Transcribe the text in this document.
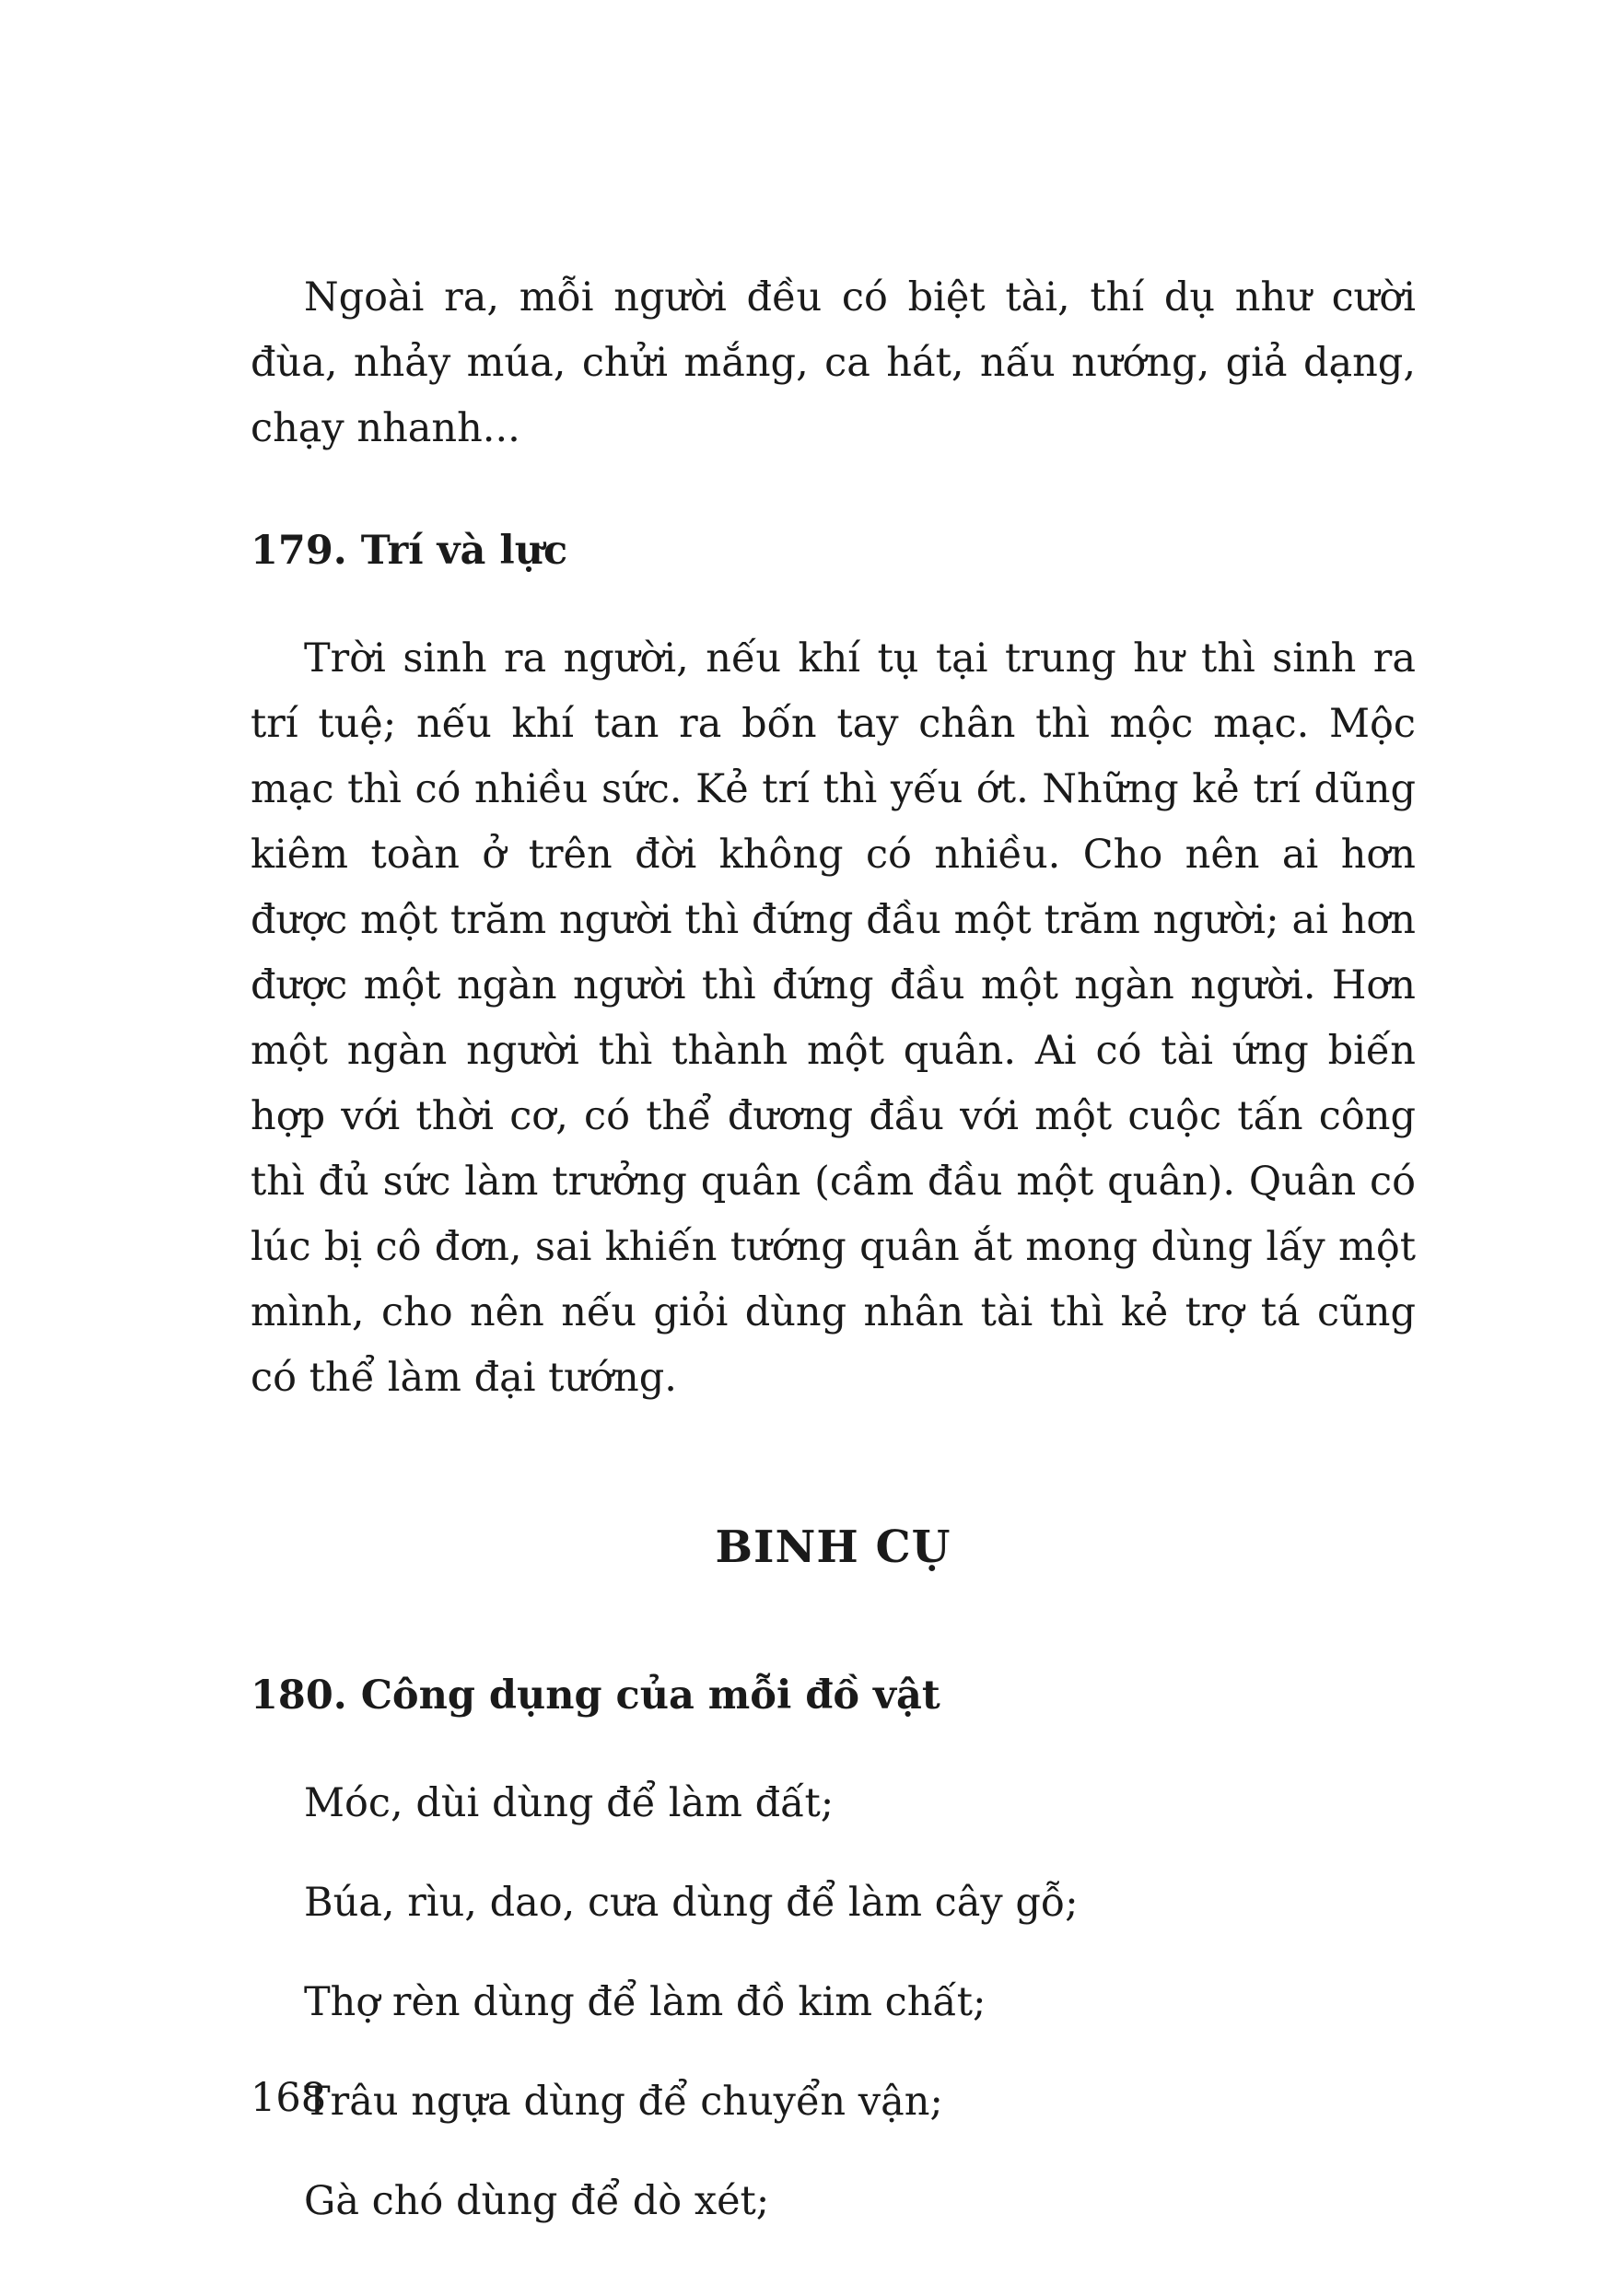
Ngoài ra, mỗi người đều có biệt tài, thí dụ như cười đùa, nhảy múa, chửi mắng, ca hát, nấu nướng, giả dạng, chạy nhanh...

179. Trí và lực

Trời sinh ra người, nếu khí tụ tại trung hư thì sinh ra trí tuệ; nếu khí tan ra bốn tay chân thì mộc mạc. Mộc mạc thì có nhiều sức. Kẻ trí thì yếu ớt. Những kẻ trí dũng kiêm toàn ở trên đời không có nhiều. Cho nên ai hơn được một trăm người thì đứng đầu một trăm người; ai hơn được một ngàn người thì đứng đầu một ngàn người. Hơn một ngàn người thì thành một quân. Ai có tài ứng biến hợp với thời cơ, có thể đương đầu với một cuộc tấn công thì đủ sức làm trưởng quân (cầm đầu một quân). Quân có lúc bị cô đơn, sai khiến tướng quân ắt mong dùng lấy một mình, cho nên nếu giỏi dùng nhân tài thì kẻ trợ tá cũng có thể làm đại tướng.

BINH CỤ
180. Công dụng của mỗi đồ vật

Móc, dùi dùng để làm đất;

Búa, rìu, dao, cưa dùng để làm cây gỗ;

Thợ rèn dùng để làm đồ kim chất;

Trâu ngựa dùng để chuyển vận;

Gà chó dùng để dò xét;

168
